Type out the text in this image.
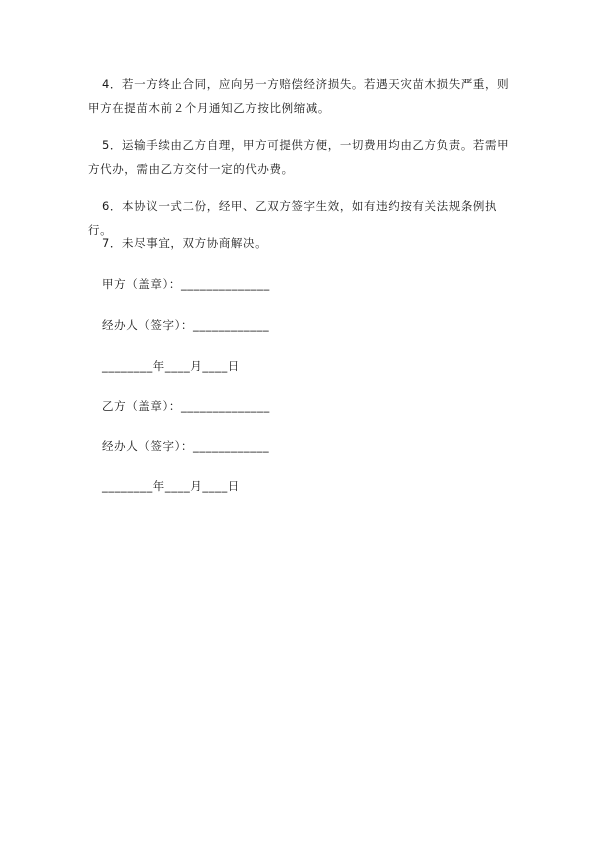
4．若一方终止合同，应向另一方赔偿经济损失。若遇天灾苗木损失严重，则甲方在提苗木前２个月通知乙方按比例缩减。

5．运输手续由乙方自理，甲方可提供方便，一切费用均由乙方负责。若需甲方代办，需由乙方交付一定的代办费。

6．本协议一式二份，经甲、乙双方签字生效，如有违约按有关法规条例执行。

7．未尽事宜，双方协商解决。

甲方（盖章）：______________

经办人（签字）：____________

________年____月____日

乙方（盖章）：______________

经办人（签字）：____________

________年____月____日
